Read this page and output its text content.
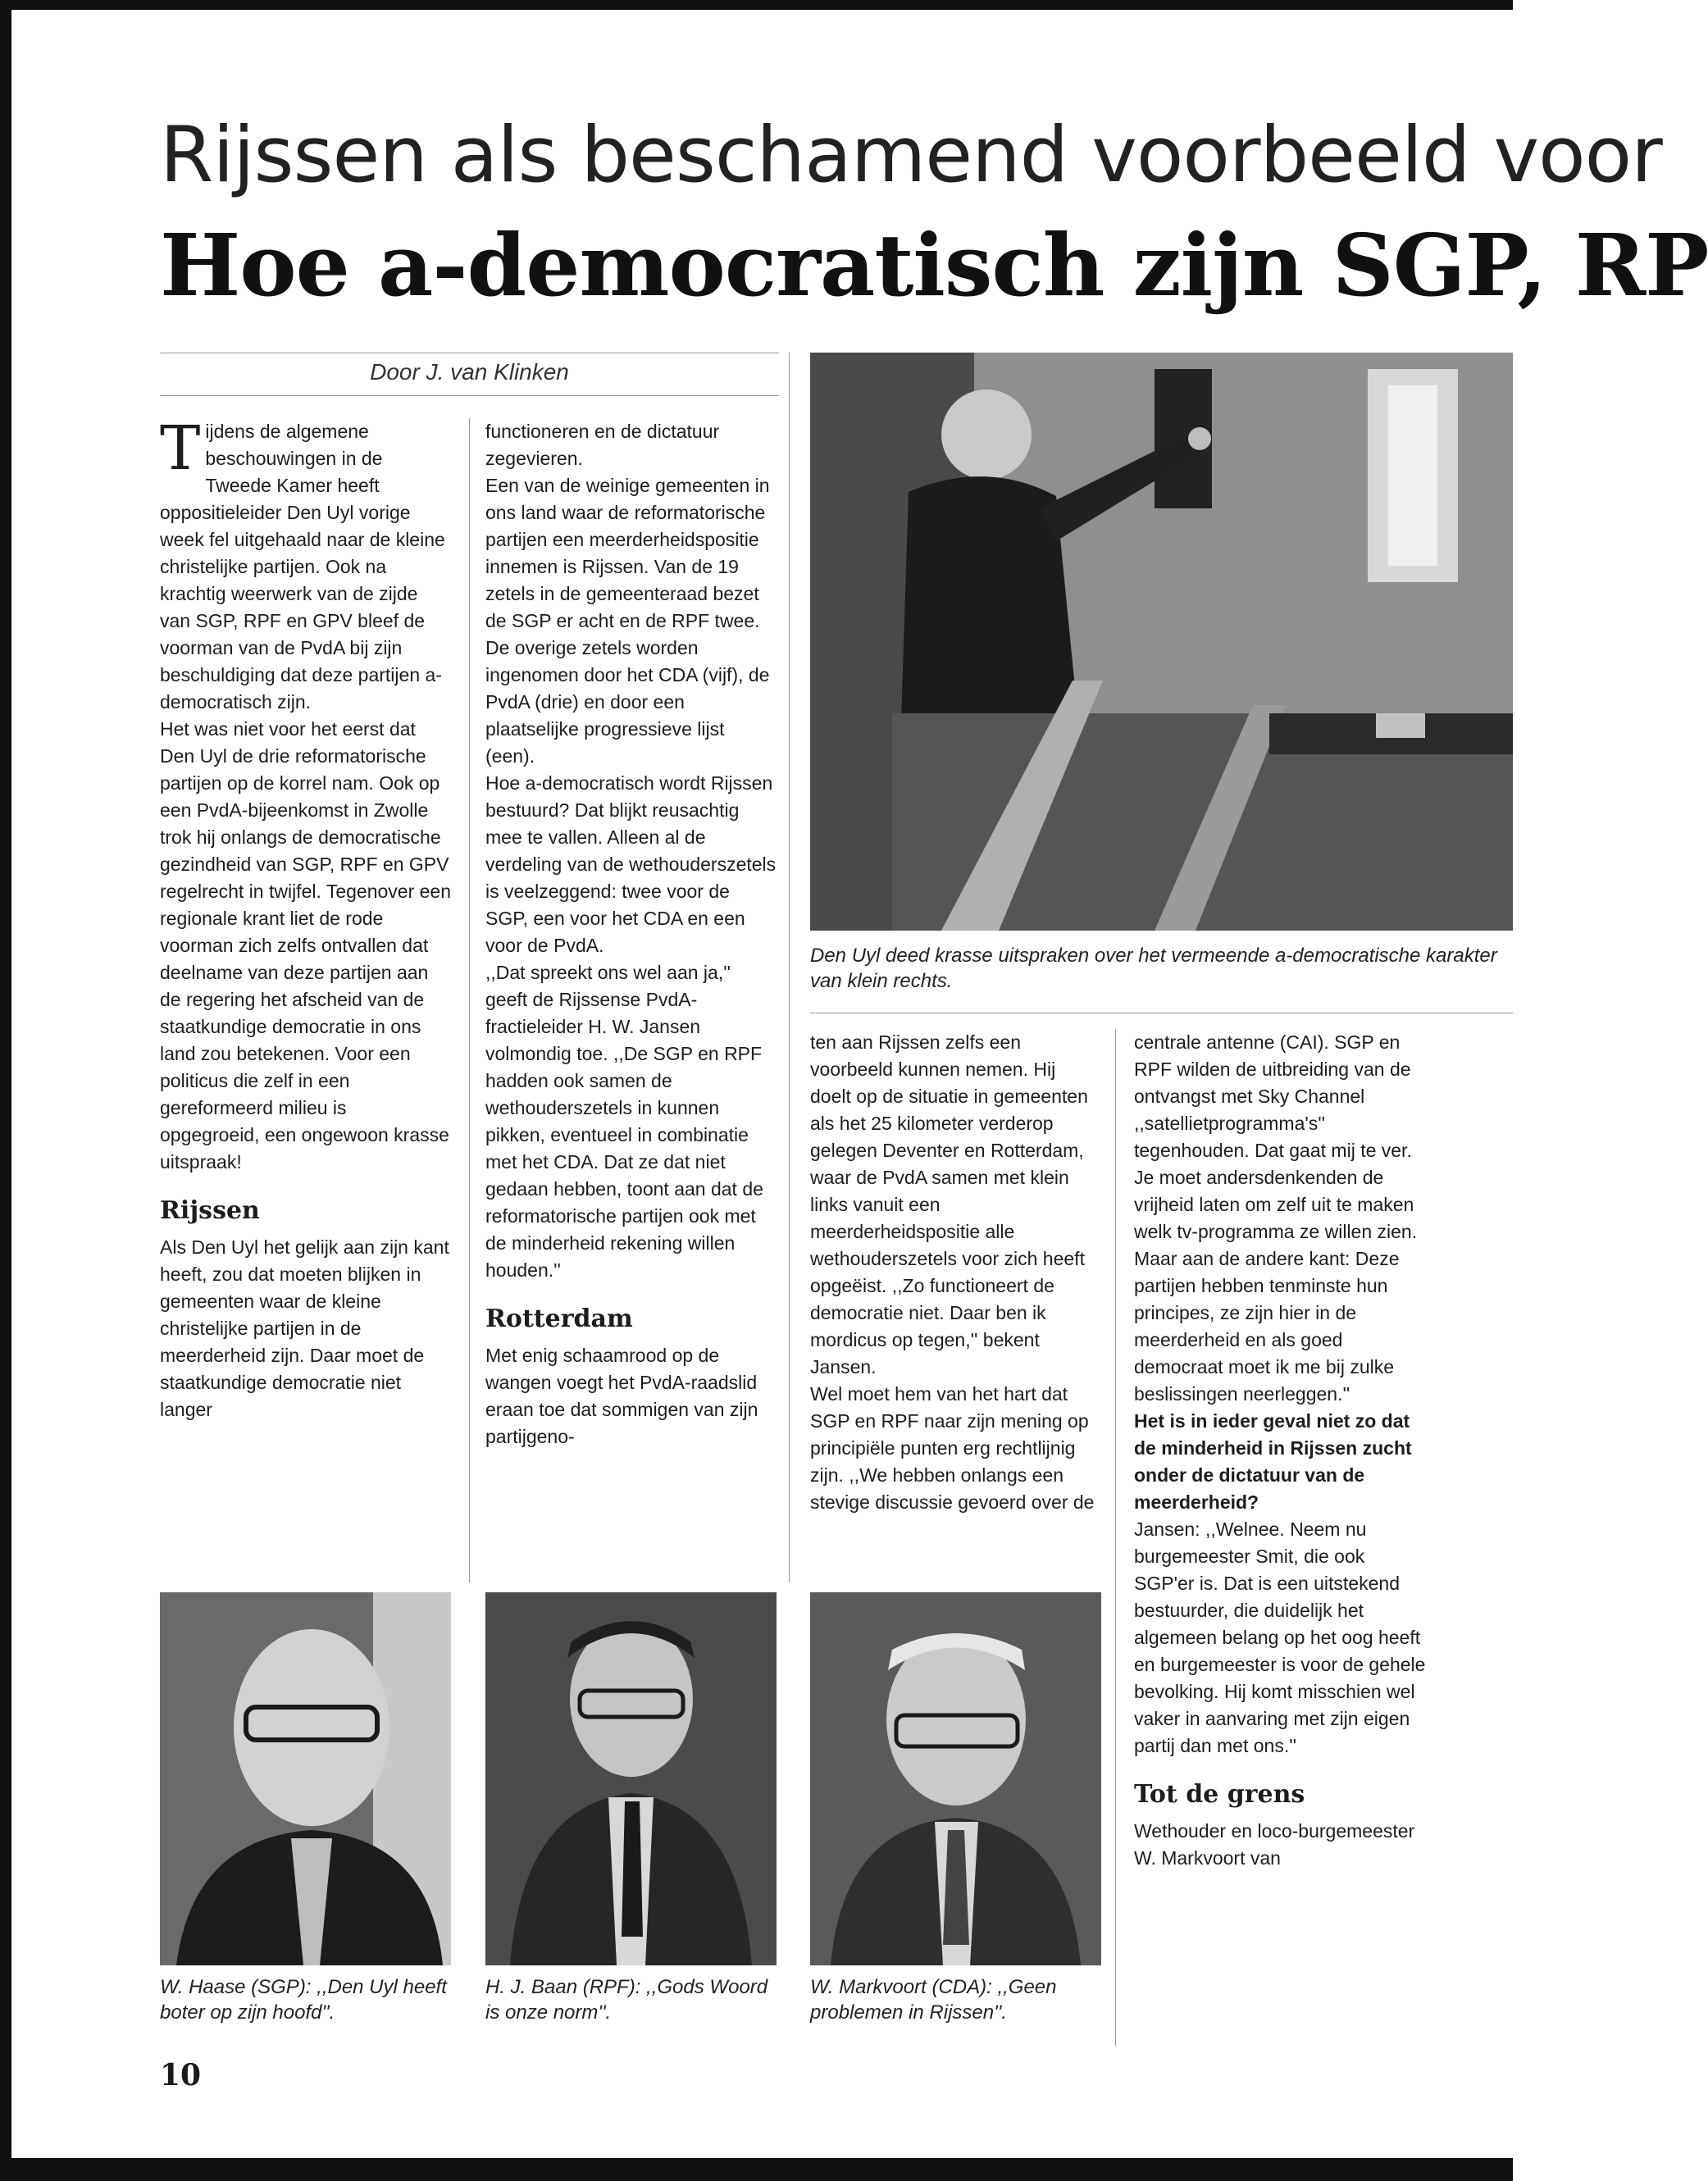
Rijssen als beschamend voorbeeld voor
Hoe a-democratisch zijn SGP, RP
Door J. van Klinken

Tijdens de algemene beschouwingen in de Tweede Kamer heeft oppositieleider Den Uyl vorige week fel uitgehaald naar de kleine christelijke partijen. Ook na krachtig weerwerk van de zijde van SGP, RPF en GPV bleef de voorman van de PvdA bij zijn beschuldiging dat deze partijen a-democratisch zijn.

Het was niet voor het eerst dat Den Uyl de drie reformatorische partijen op de korrel nam. Ook op een PvdA-bijeenkomst in Zwolle trok hij onlangs de democratische gezindheid van SGP, RPF en GPV regelrecht in twijfel. Tegenover een regionale krant liet de rode voorman zich zelfs ontvallen dat deelname van deze partijen aan de regering het afscheid van de staatkundige democratie in ons land zou betekenen. Voor een politicus die zelf in een gereformeerd milieu is opgegroeid, een ongewoon krasse uitspraak!

Rijssen

Als Den Uyl het gelijk aan zijn kant heeft, zou dat moeten blijken in gemeenten waar de kleine christelijke partijen in de meerderheid zijn. Daar moet de staatkundige democratie niet langer

functioneren en de dictatuur zegevieren.

Een van de weinige gemeenten in ons land waar de reformatorische partijen een meerderheidspositie innemen is Rijssen. Van de 19 zetels in de gemeenteraad bezet de SGP er acht en de RPF twee. De overige zetels worden ingenomen door het CDA (vijf), de PvdA (drie) en door een plaatselijke progressieve lijst (een).

Hoe a-democratisch wordt Rijssen bestuurd? Dat blijkt reusachtig mee te vallen. Alleen al de verdeling van de wethouderszetels is veelzeggend: twee voor de SGP, een voor het CDA en een voor de PvdA.

,,Dat spreekt ons wel aan ja,'' geeft de Rijssense PvdA-fractieleider H. W. Jansen volmondig toe. ,,De SGP en RPF hadden ook samen de wethouderszetels in kunnen pikken, eventueel in combinatie met het CDA. Dat ze dat niet gedaan hebben, toont aan dat de reformatorische partijen ook met de minderheid rekening willen houden.''

Rotterdam

Met enig schaamrood op de wangen voegt het PvdA-raadslid eraan toe dat sommigen van zijn partijgeno-

Den Uyl deed krasse uitspraken over het vermeende a-democratische karakter van klein rechts.

ten aan Rijssen zelfs een voorbeeld kunnen nemen. Hij doelt op de situatie in gemeenten als het 25 kilometer verderop gelegen Deventer en Rotterdam, waar de PvdA samen met klein links vanuit een meerderheidspositie alle wethouderszetels voor zich heeft opgeëist. ,,Zo functioneert de democratie niet. Daar ben ik mordicus op tegen,'' bekent Jansen.

Wel moet hem van het hart dat SGP en RPF naar zijn mening op principiële punten erg rechtlijnig zijn. ,,We hebben onlangs een stevige discussie gevoerd over de

centrale antenne (CAI). SGP en RPF wilden de uitbreiding van de ontvangst met Sky Channel ,,satellietprogramma's'' tegenhouden. Dat gaat mij te ver. Je moet andersdenkenden de vrijheid laten om zelf uit te maken welk tv-programma ze willen zien. Maar aan de andere kant: Deze partijen hebben tenminste hun principes, ze zijn hier in de meerderheid en als goed democraat moet ik me bij zulke beslissingen neerleggen.''

Het is in ieder geval niet zo dat de minderheid in Rijssen zucht onder de dictatuur van de meerderheid?

Jansen: ,,Welnee. Neem nu burgemeester Smit, die ook SGP'er is. Dat is een uitstekend bestuurder, die duidelijk het algemeen belang op het oog heeft en burgemeester is voor de gehele bevolking. Hij komt misschien wel vaker in aanvaring met zijn eigen partij dan met ons.''

Tot de grens

Wethouder en loco-burgemeester W. Markvoort van

W. Haase (SGP): ,,Den Uyl heeft boter op zijn hoofd''.
H. J. Baan (RPF): ,,Gods Woord is onze norm''.
W. Markvoort (CDA): ,,Geen problemen in Rijssen''.
10
